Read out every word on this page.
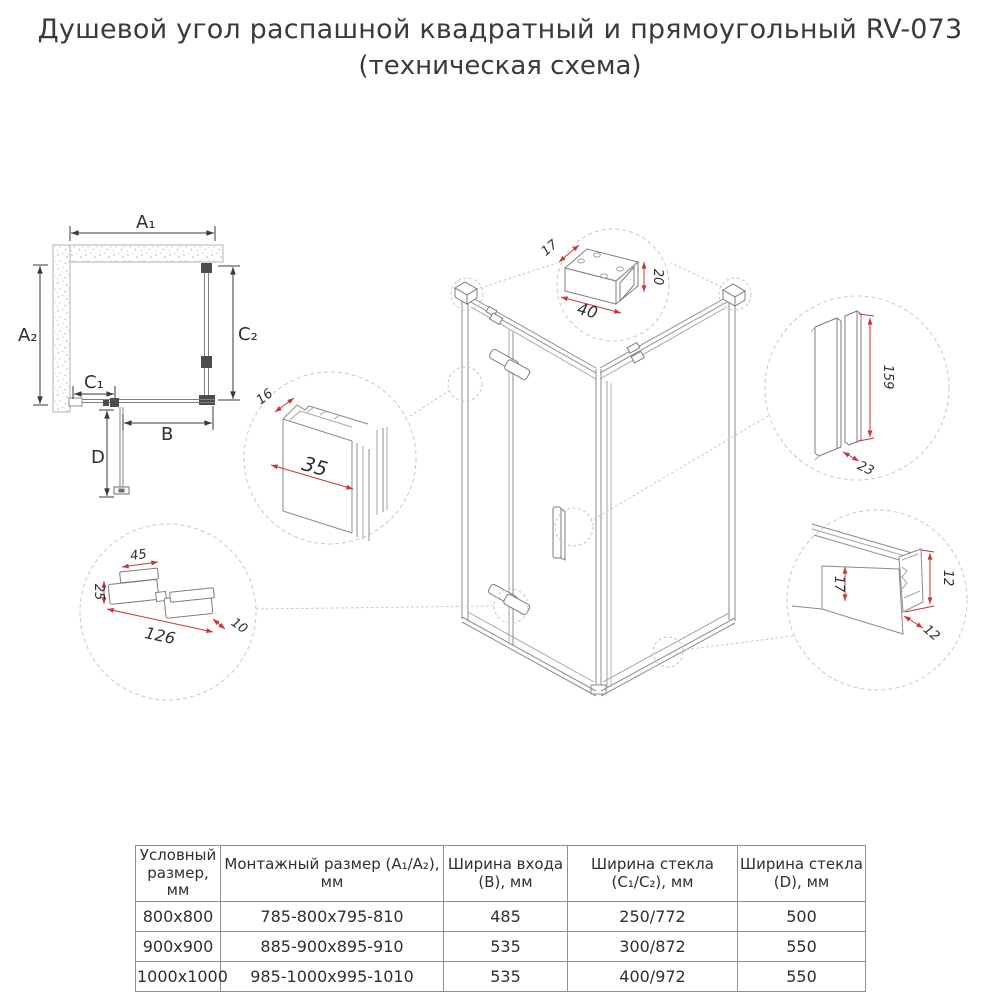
Душевой угол распашной квадратный и прямоугольный RV-073
(техническая схема)
A₁
A₂	C₂
C₁
B
D
17
40
20
16
35
45
25
126	10
159
23
17	12
12
Условный размер, мм	Монтажный размер (А₁/А₂), мм	Ширина входа (B), мм	Ширина стекла (C₁/C₂), мм	Ширина стекла (D), мм
800x800	785-800x795-810	485	250/772	500
900x900	885-900x895-910	535	300/872	550
1000x1000	985-1000x995-1010	535	400/972	550
